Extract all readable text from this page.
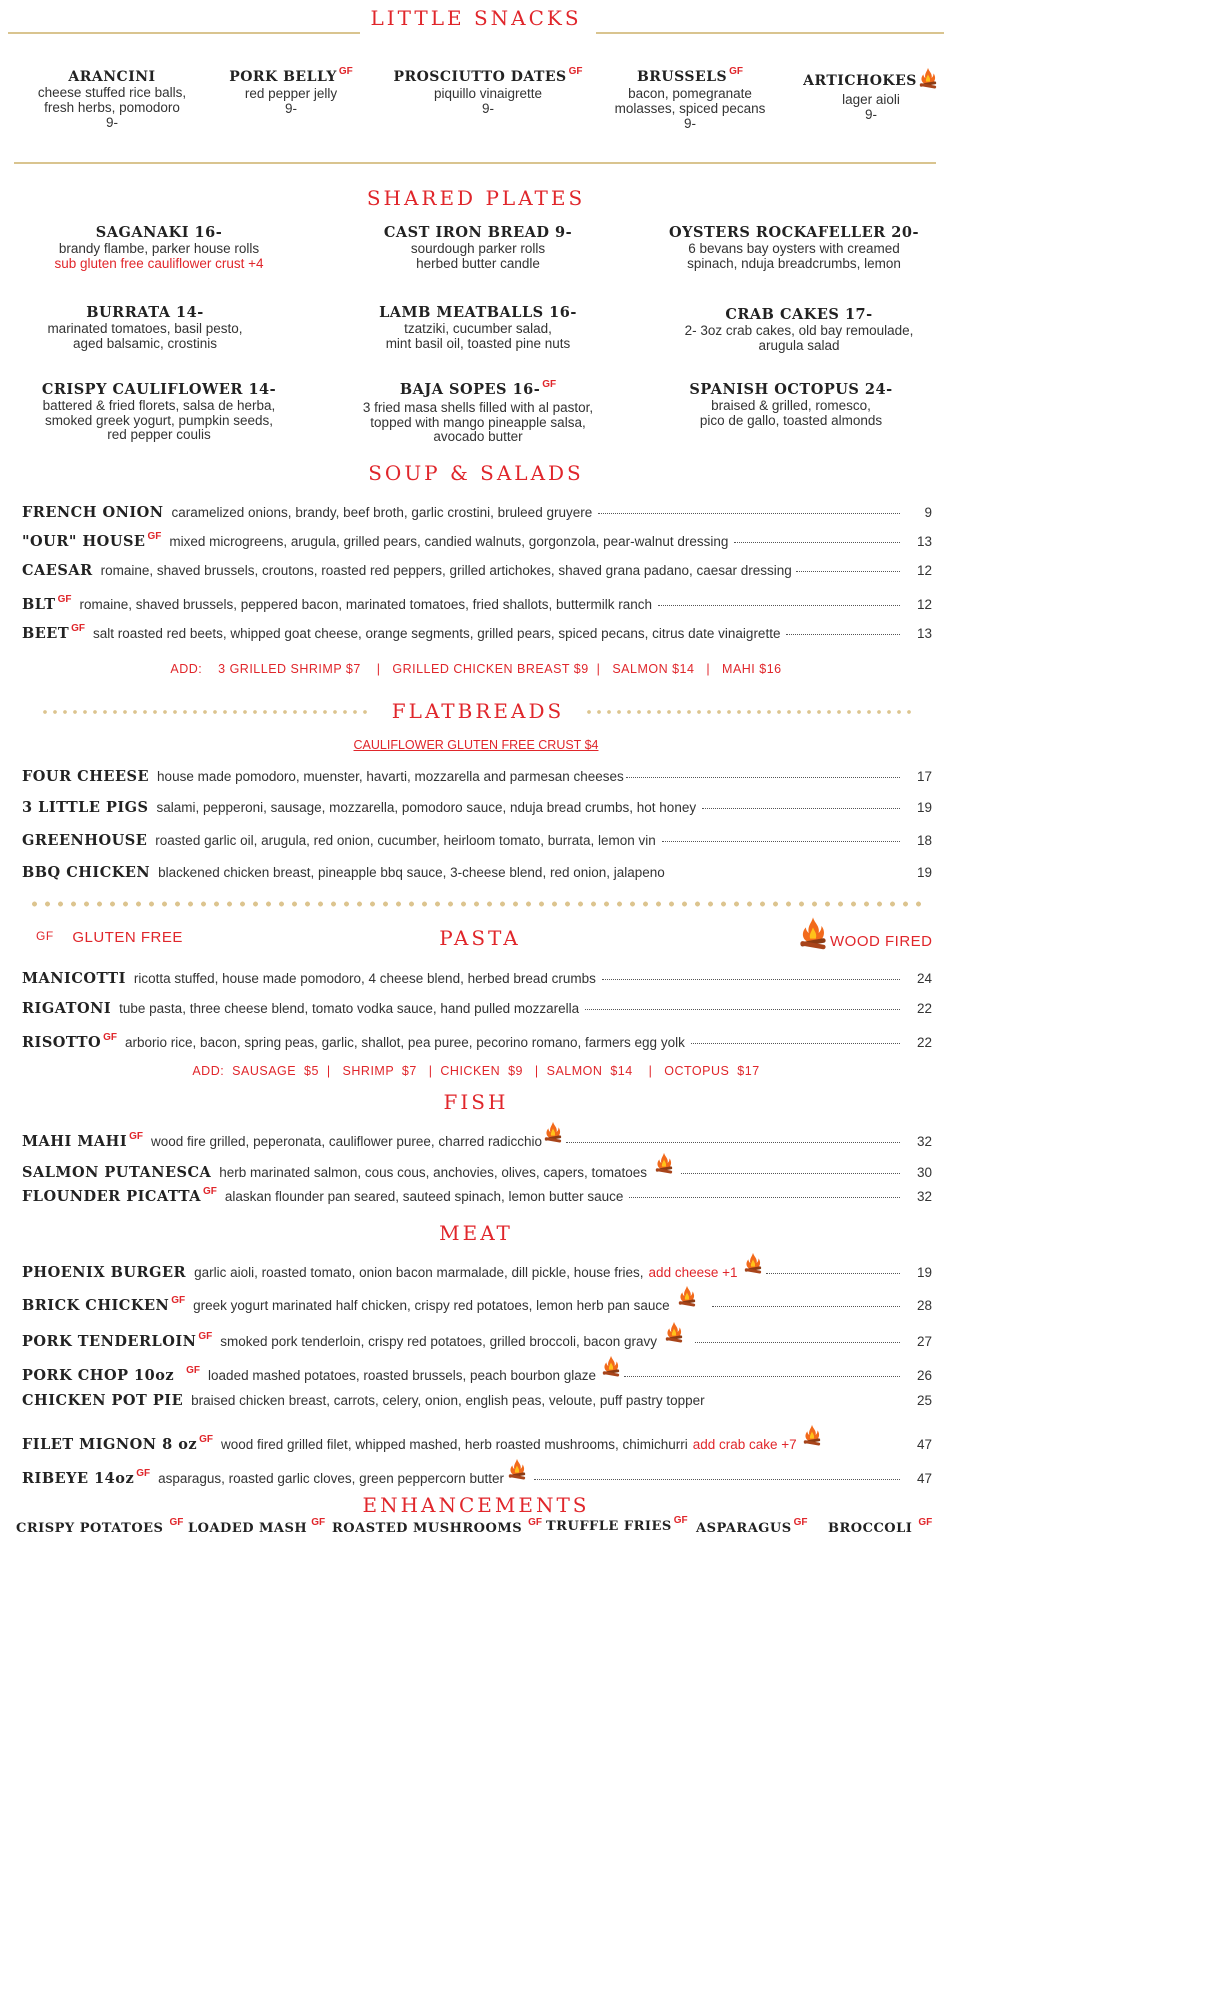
LITTLE SNACKS
ARANCINI
cheese stuffed rice balls,
fresh herbs, pomodoro
9-
PORK BELLY $^{GF}$
red pepper jelly
9-
PROSCIUTTO DATES $^{GF}$
piquillo vinaigrette
9-
BRUSSELS $^{GF}$
bacon, pomegranate
molasses, spiced pecans
9-
ARTICHOKES
lager aioli
9-
SHARED PLATES
SAGANAKI 16-
brandy flambe, parker house rolls
sub gluten free cauliflower crust +4
CAST IRON BREAD 9-
sourdough parker rolls
herbed butter candle
OYSTERS ROCKAFELLER 20-
6 bevans bay oysters with creamed
spinach, nduja breadcrumbs, lemon
BURRATA 14-
marinated tomatoes, basil pesto,
aged balsamic, crostinis
LAMB MEATBALLS 16-
tzatziki, cucumber salad,
mint basil oil, toasted pine nuts
CRAB CAKES 17-
2- 3oz crab cakes, old bay remoulade,
arugula salad
CRISPY CAULIFLOWER 14-
battered & fried florets, salsa de herba,
smoked greek yogurt, pumpkin seeds,
red pepper coulis
BAJA SOPES 16- $^{GF}$
3 fried masa shells filled with al pastor,
topped with mango pineapple salsa,
avocado butter
SPANISH OCTOPUS 24-
braised & grilled, romesco,
pico de gallo, toasted almonds
SOUP & SALADS
FRENCH ONION caramelized onions, brandy, beef broth, garlic crostini, bruleed gruyere	9
"OUR" HOUSE $^{GF}$ mixed microgreens, arugula, grilled pears, candied walnuts, gorgonzola, pear-walnut dressing	13
CAESAR romaine, shaved brussels, croutons, roasted red peppers, grilled artichokes, shaved grana padano, caesar dressing	12
BLT $^{GF}$ romaine, shaved brussels, peppered bacon, marinated tomatoes, fried shallots, buttermilk ranch	12
BEET $^{GF}$ salt roasted red beets, whipped goat cheese, orange segments, grilled pears, spiced pecans, citrus date vinaigrette	13
ADD:    3 GRILLED SHRIMP $7    |   GRILLED CHICKEN BREAST $9  |   SALMON $14   |   MAHI $16
FLATBREADS
CAULIFLOWER GLUTEN FREE CRUST $4
FOUR CHEESE house made pomodoro, muenster, havarti, mozzarella and parmesan cheeses	17
3 LITTLE PIGS salami, pepperoni, sausage, mozzarella, pomodoro sauce, nduja bread crumbs, hot honey	19
GREENHOUSE roasted garlic oil, arugula, red onion, cucumber, heirloom tomato, burrata, lemon vin	18
BBQ CHICKEN blackened chicken breast, pineapple bbq sauce, 3-cheese blend, red onion, jalapeno	19
GF GLUTEN FREE	PASTA	WOOD FIRED
MANICOTTI ricotta stuffed, house made pomodoro, 4 cheese blend, herbed bread crumbs	24
RIGATONI tube pasta, three cheese blend, tomato vodka sauce, hand pulled mozzarella	22
RISOTTO $^{GF}$ arborio rice, bacon, spring peas, garlic, shallot, pea puree, pecorino romano, farmers egg yolk	22
ADD:  SAUSAGE  $5  |   SHRIMP  $7   |  CHICKEN  $9   |  SALMON  $14    |   OCTOPUS  $17
FISH
MAHI MAHI $^{GF}$ wood fire grilled, peperonata, cauliflower puree, charred radicchio	32
SALMON PUTANESCA herb marinated salmon, cous cous, anchovies, olives, capers, tomatoes	30
FLOUNDER PICATTA $^{GF}$ alaskan flounder pan seared, sauteed spinach, lemon butter sauce	32
MEAT
PHOENIX BURGER garlic aioli, roasted tomato, onion bacon marmalade, dill pickle, house fries, add cheese +1	19
BRICK CHICKEN $^{GF}$ greek yogurt marinated half chicken, crispy red potatoes, lemon herb pan sauce	28
PORK TENDERLOIN $^{GF}$ smoked pork tenderloin, crispy red potatoes, grilled broccoli, bacon gravy	27
PORK CHOP 10oz $^{GF}$ loaded mashed potatoes, roasted brussels, peach bourbon glaze	26
CHICKEN POT PIE braised chicken breast, carrots, celery, onion, english peas, veloute, puff pastry topper	25
FILET MIGNON 8 oz $^{GF}$ wood fired grilled filet, whipped mashed, herb roasted mushrooms, chimichurri add crab cake +7	47
RIBEYE 14oz $^{GF}$ asparagus, roasted garlic cloves, green peppercorn butter	47
ENHANCEMENTS
CRISPY POTATOES $^{GF}$ LOADED MASH $^{GF}$ ROASTED MUSHROOMS $^{GF}$ TRUFFLE FRIES $^{GF}$
ASPARAGUS $^{GF}$ BROCCOLI $^{GF}$
